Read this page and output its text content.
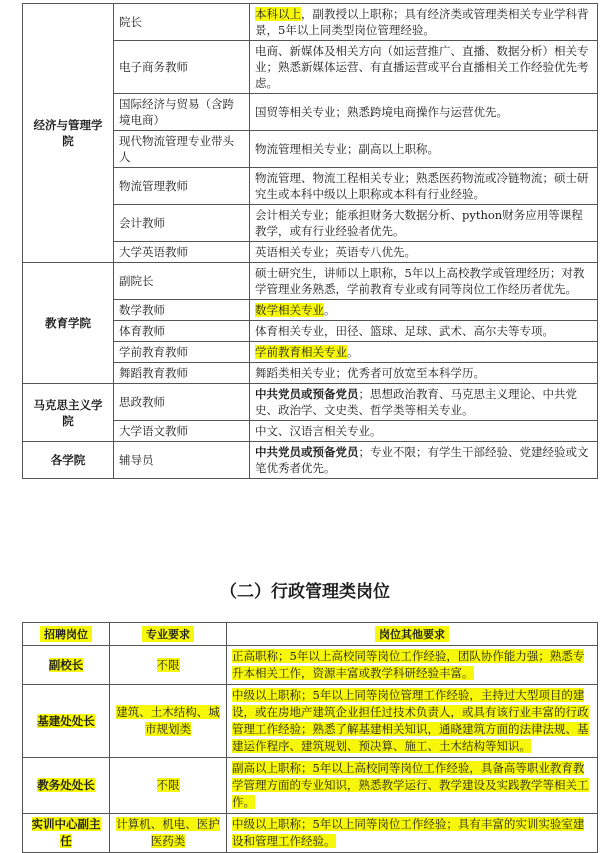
经济与管理学院	院长	本科以上，副教授以上职称；具有经济类或管理类相关专业学科背景，5年以上同类型岗位管理经验。
	电子商务教师	电商、新媒体及相关方向（如运营推广、直播、数据分析）相关专业；熟悉新媒体运营、有直播运营或平台直播相关工作经验优先考虑。
	国际经济与贸易（含跨境电商）	国贸等相关专业；熟悉跨境电商操作与运营优先。
	现代物流管理专业带头人	物流管理相关专业；副高以上职称。
	物流管理教师	物流管理、物流工程相关专业；熟悉医药物流或冷链物流；硕士研究生或本科中级以上职称或本科有行业经验。
	会计教师	会计相关专业；能承担财务大数据分析、python财务应用等课程教学，或有行业经验者优先。
	大学英语教师	英语相关专业；英语专八优先。
教育学院	副院长	硕士研究生，讲师以上职称，5年以上高校教学或管理经历；对教学管理业务熟悉，学前教育专业或有同等岗位工作经历者优先。
	数学教师	数学相关专业。
	体育教师	体育相关专业，田径、篮球、足球、武术、高尔夫等专项。
	学前教育教师	学前教育相关专业。
	舞蹈教育教师	舞蹈类相关专业；优秀者可放宽至本科学历。
马克思主义学院	思政教师	中共党员或预备党员；思想政治教育、马克思主义理论、中共党史、政治学、文史类、哲学类等相关专业。
	大学语文教师	中文、汉语言相关专业。
各学院	辅导员	中共党员或预备党员；专业不限；有学生干部经验、党建经验或文笔优秀者优先。
（二）行政管理类岗位
招聘岗位	专业要求	岗位其他要求
副校长	不限	正高职称；5年以上高校同等岗位工作经验，团队协作能力强；熟悉专升本相关工作，资源丰富或教学科研经验丰富。
基建处处长	建筑、土木结构、城市规划类	中级以上职称；5年以上同等岗位管理工作经验，主持过大型项目的建设，或在房地产建筑企业担任过技术负责人，或具有该行业丰富的行政管理工作经验；熟悉了解基建相关知识，通晓建筑方面的法律法规、基建运作程序、建筑规划、预决算、施工、土木结构等知识。
教务处处长	不限	副高以上职称；5年以上高校同等岗位工作经验，具备高等职业教育教学管理方面的专业知识，熟悉教学运行、教学建设及实践教学等相关工作。
实训中心副主任	计算机、机电、医护医药类	中级以上职称；5年以上同等岗位工作经验；具有丰富的实训实验室建设和管理工作经验。
